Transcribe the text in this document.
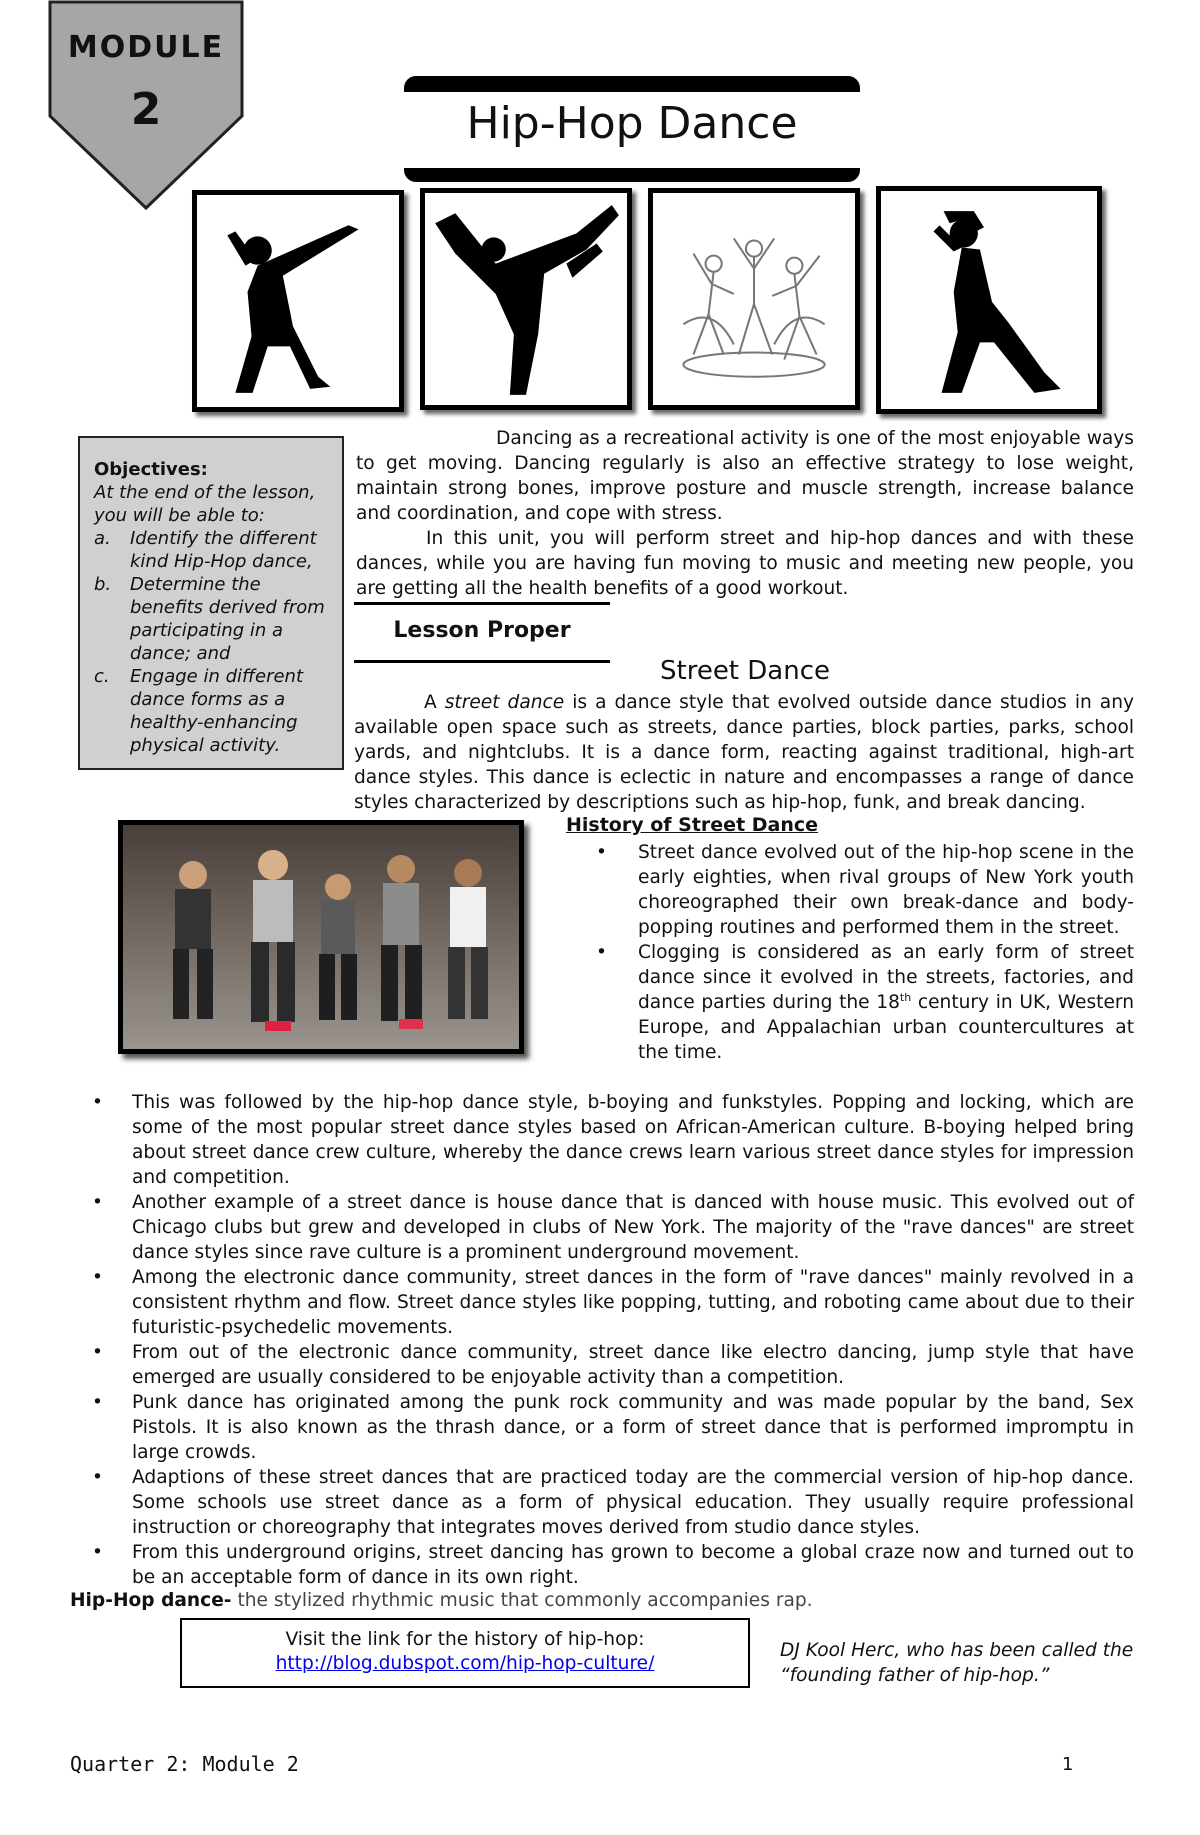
MODULE
2	Hip-Hop Dance
Objectives:
At the end of the lesson, you will be able to:
a. Identify the different kind Hip-Hop dance,
b. Determine the benefits derived from participating in a dance; and
c. Engage in different dance forms as a healthy-enhancing physical activity.

Dancing as a recreational activity is one of the most enjoyable ways to get moving. Dancing regularly is also an effective strategy to lose weight, maintain strong bones, improve posture and muscle strength, increase balance and coordination, and cope with stress.

In this unit, you will perform street and hip-hop dances and with these dances, while you are having fun moving to music and meeting new people, you are getting all the health benefits of a good workout.

Lesson Proper
Street Dance

A street dance is a dance style that evolved outside dance studios in any available open space such as streets, dance parties, block parties, parks, school yards, and nightclubs. It is a dance form, reacting against traditional, high-art dance styles. This dance is eclectic in nature and encompasses a range of dance styles characterized by descriptions such as hip-hop, funk, and break dancing.

History of Street Dance
• Street dance evolved out of the hip-hop scene in the early eighties, when rival groups of New York youth choreographed their own break-dance and body-popping routines and performed them in the street.
• Clogging is considered as an early form of street dance since it evolved in the streets, factories, and dance parties during the 18th century in UK, Western Europe, and Appalachian urban countercultures at the time.
• This was followed by the hip-hop dance style, b-boying and funkstyles. Popping and locking, which are some of the most popular street dance styles based on African-American culture. B-boying helped bring about street dance crew culture, whereby the dance crews learn various street dance styles for impression and competition.
• Another example of a street dance is house dance that is danced with house music. This evolved out of Chicago clubs but grew and developed in clubs of New York. The majority of the "rave dances" are street dance styles since rave culture is a prominent underground movement.
• Among the electronic dance community, street dances in the form of "rave dances" mainly revolved in a consistent rhythm and flow. Street dance styles like popping, tutting, and roboting came about due to their futuristic-psychedelic movements.
• From out of the electronic dance community, street dance like electro dancing, jump style that have emerged are usually considered to be enjoyable activity than a competition.
• Punk dance has originated among the punk rock community and was made popular by the band, Sex Pistols. It is also known as the thrash dance, or a form of street dance that is performed impromptu in large crowds.
• Adaptions of these street dances that are practiced today are the commercial version of hip-hop dance. Some schools use street dance as a form of physical education. They usually require professional instruction or choreography that integrates moves derived from studio dance styles.
• From this underground origins, street dancing has grown to become a global craze now and turned out to be an acceptable form of dance in its own right.
Hip-Hop dance- the stylized rhythmic music that commonly accompanies rap.
Visit the link for the history of hip-hop:
http://blog.dubspot.com/hip-hop-culture/
DJ Kool Herc, who has been called the “founding father of hip-hop.”
Quarter 2: Module 2	1
